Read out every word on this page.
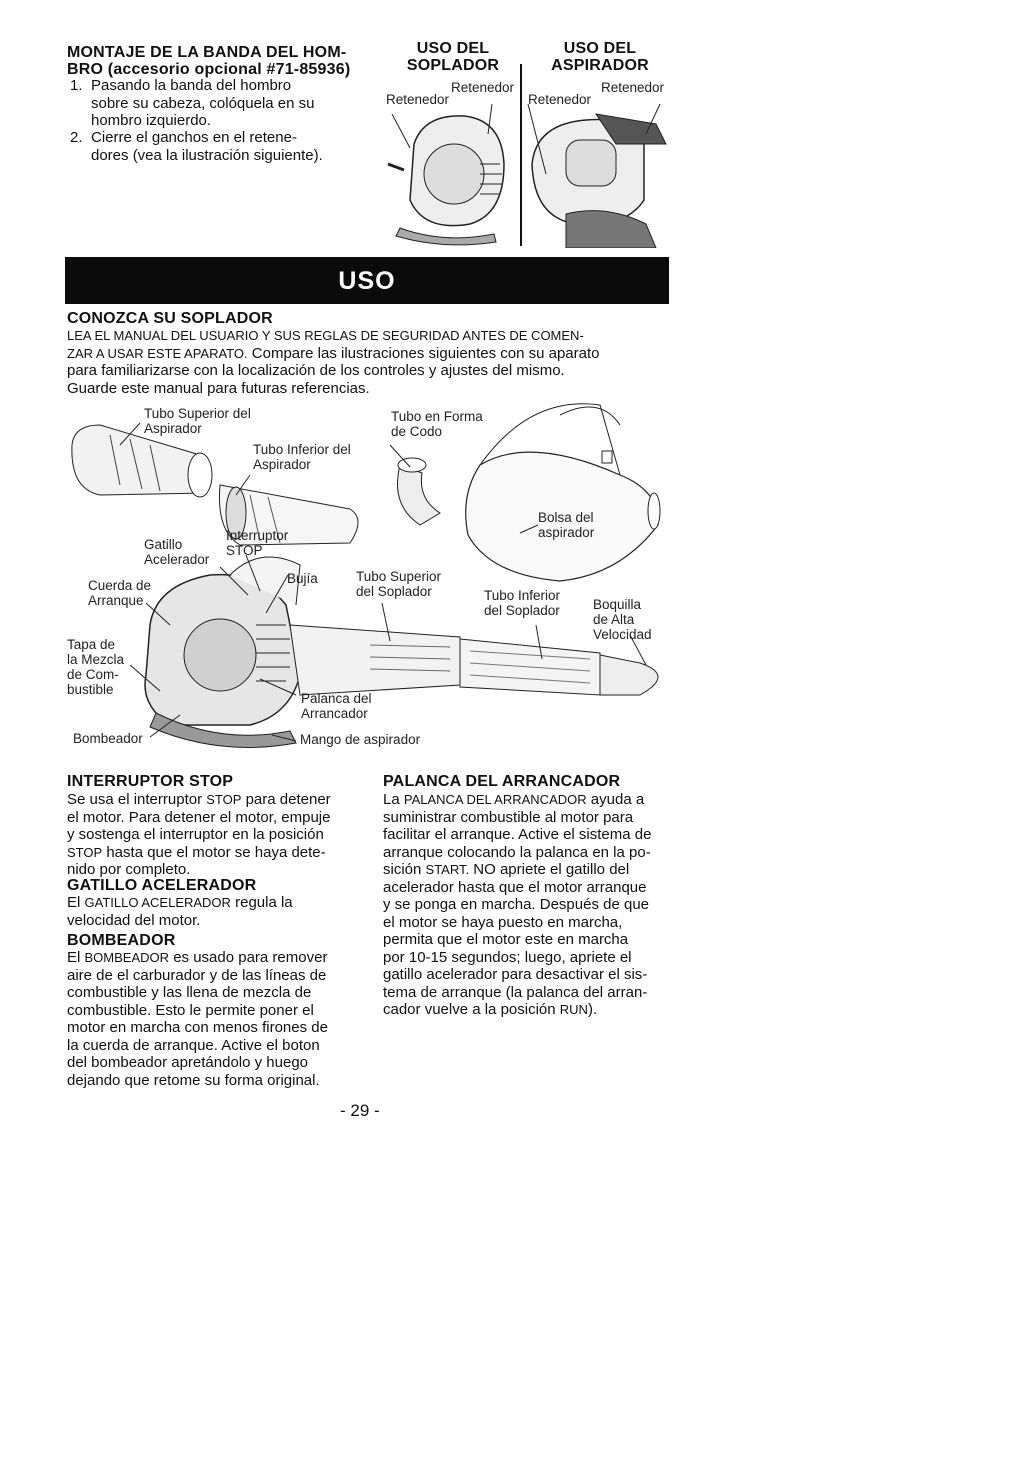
MONTAJE DE LA BANDA DEL HOM-
BRO (accesorio opcional #71-85936)
1. Pasando la banda del hombro
sobre su cabeza, colóquela en su
hombro izquierdo.
2. Cierre el ganchos en el retene-
dores (vea la ilustración siguiente).
USO DEL
SOPLADOR
Retenedor
Retenedor
USO DEL
ASPIRADOR
Retenedor
Retenedor
USO
CONOZCA SU SOPLADOR
LEA EL MANUAL DEL USUARIO Y SUS REGLAS DE SEGURIDAD ANTES DE COMEN-
ZAR A USAR ESTE APARATO. Compare las ilustraciones siguientes con su aparato
para familiarizarse con la localización de los controles y ajustes del mismo.
Guarde este manual para futuras referencias.
Tubo Superior del
Aspirador
Tubo Inferior del
Aspirador
Tubo en Forma
de Codo
Bolsa del
aspirador
Interruptor
STOP
Gatillo
Acelerador
Cuerda de
Arranque
Bujía	Tubo Superior
del Soplador	Tubo Inferior
del Soplador Boquilla
de Alta
Velocidad
Tapa de
la Mezcla
de Com-
bustible
Palanca del
Arrancador
Bombeador	Mango de aspirador
INTERRUPTOR STOP
Se usa el interruptor STOP para detener
el motor. Para detener el motor, empuje
y sostenga el interruptor en la posición
STOP hasta que el motor se haya dete-
nido por completo.
GATILLO ACELERADOR
El GATILLO ACELERADOR regula la
velocidad del motor.
BOMBEADOR
El BOMBEADOR es usado para remover
aire de el carburador y de las líneas de
combustible y las llena de mezcla de
combustible. Esto le permite poner el
motor en marcha con menos firones de
la cuerda de arranque. Active el boton
del bombeador apretándolo y huego
dejando que retome su forma original.
PALANCA DEL ARRANCADOR
La PALANCA DEL ARRANCADOR ayuda a
suministrar combustible al motor para
facilitar el arranque. Active el sistema de
arranque colocando la palanca en la po-
sición START. NO apriete el gatillo del
acelerador hasta que el motor arranque
y se ponga en marcha. Después de que
el motor se haya puesto en marcha,
permita que el motor este en marcha
por 10-15 segundos; luego, apriete el
gatillo acelerador para desactivar el sis-
tema de arranque (la palanca del arran-
cador vuelve a la posición RUN).
- 29 -
